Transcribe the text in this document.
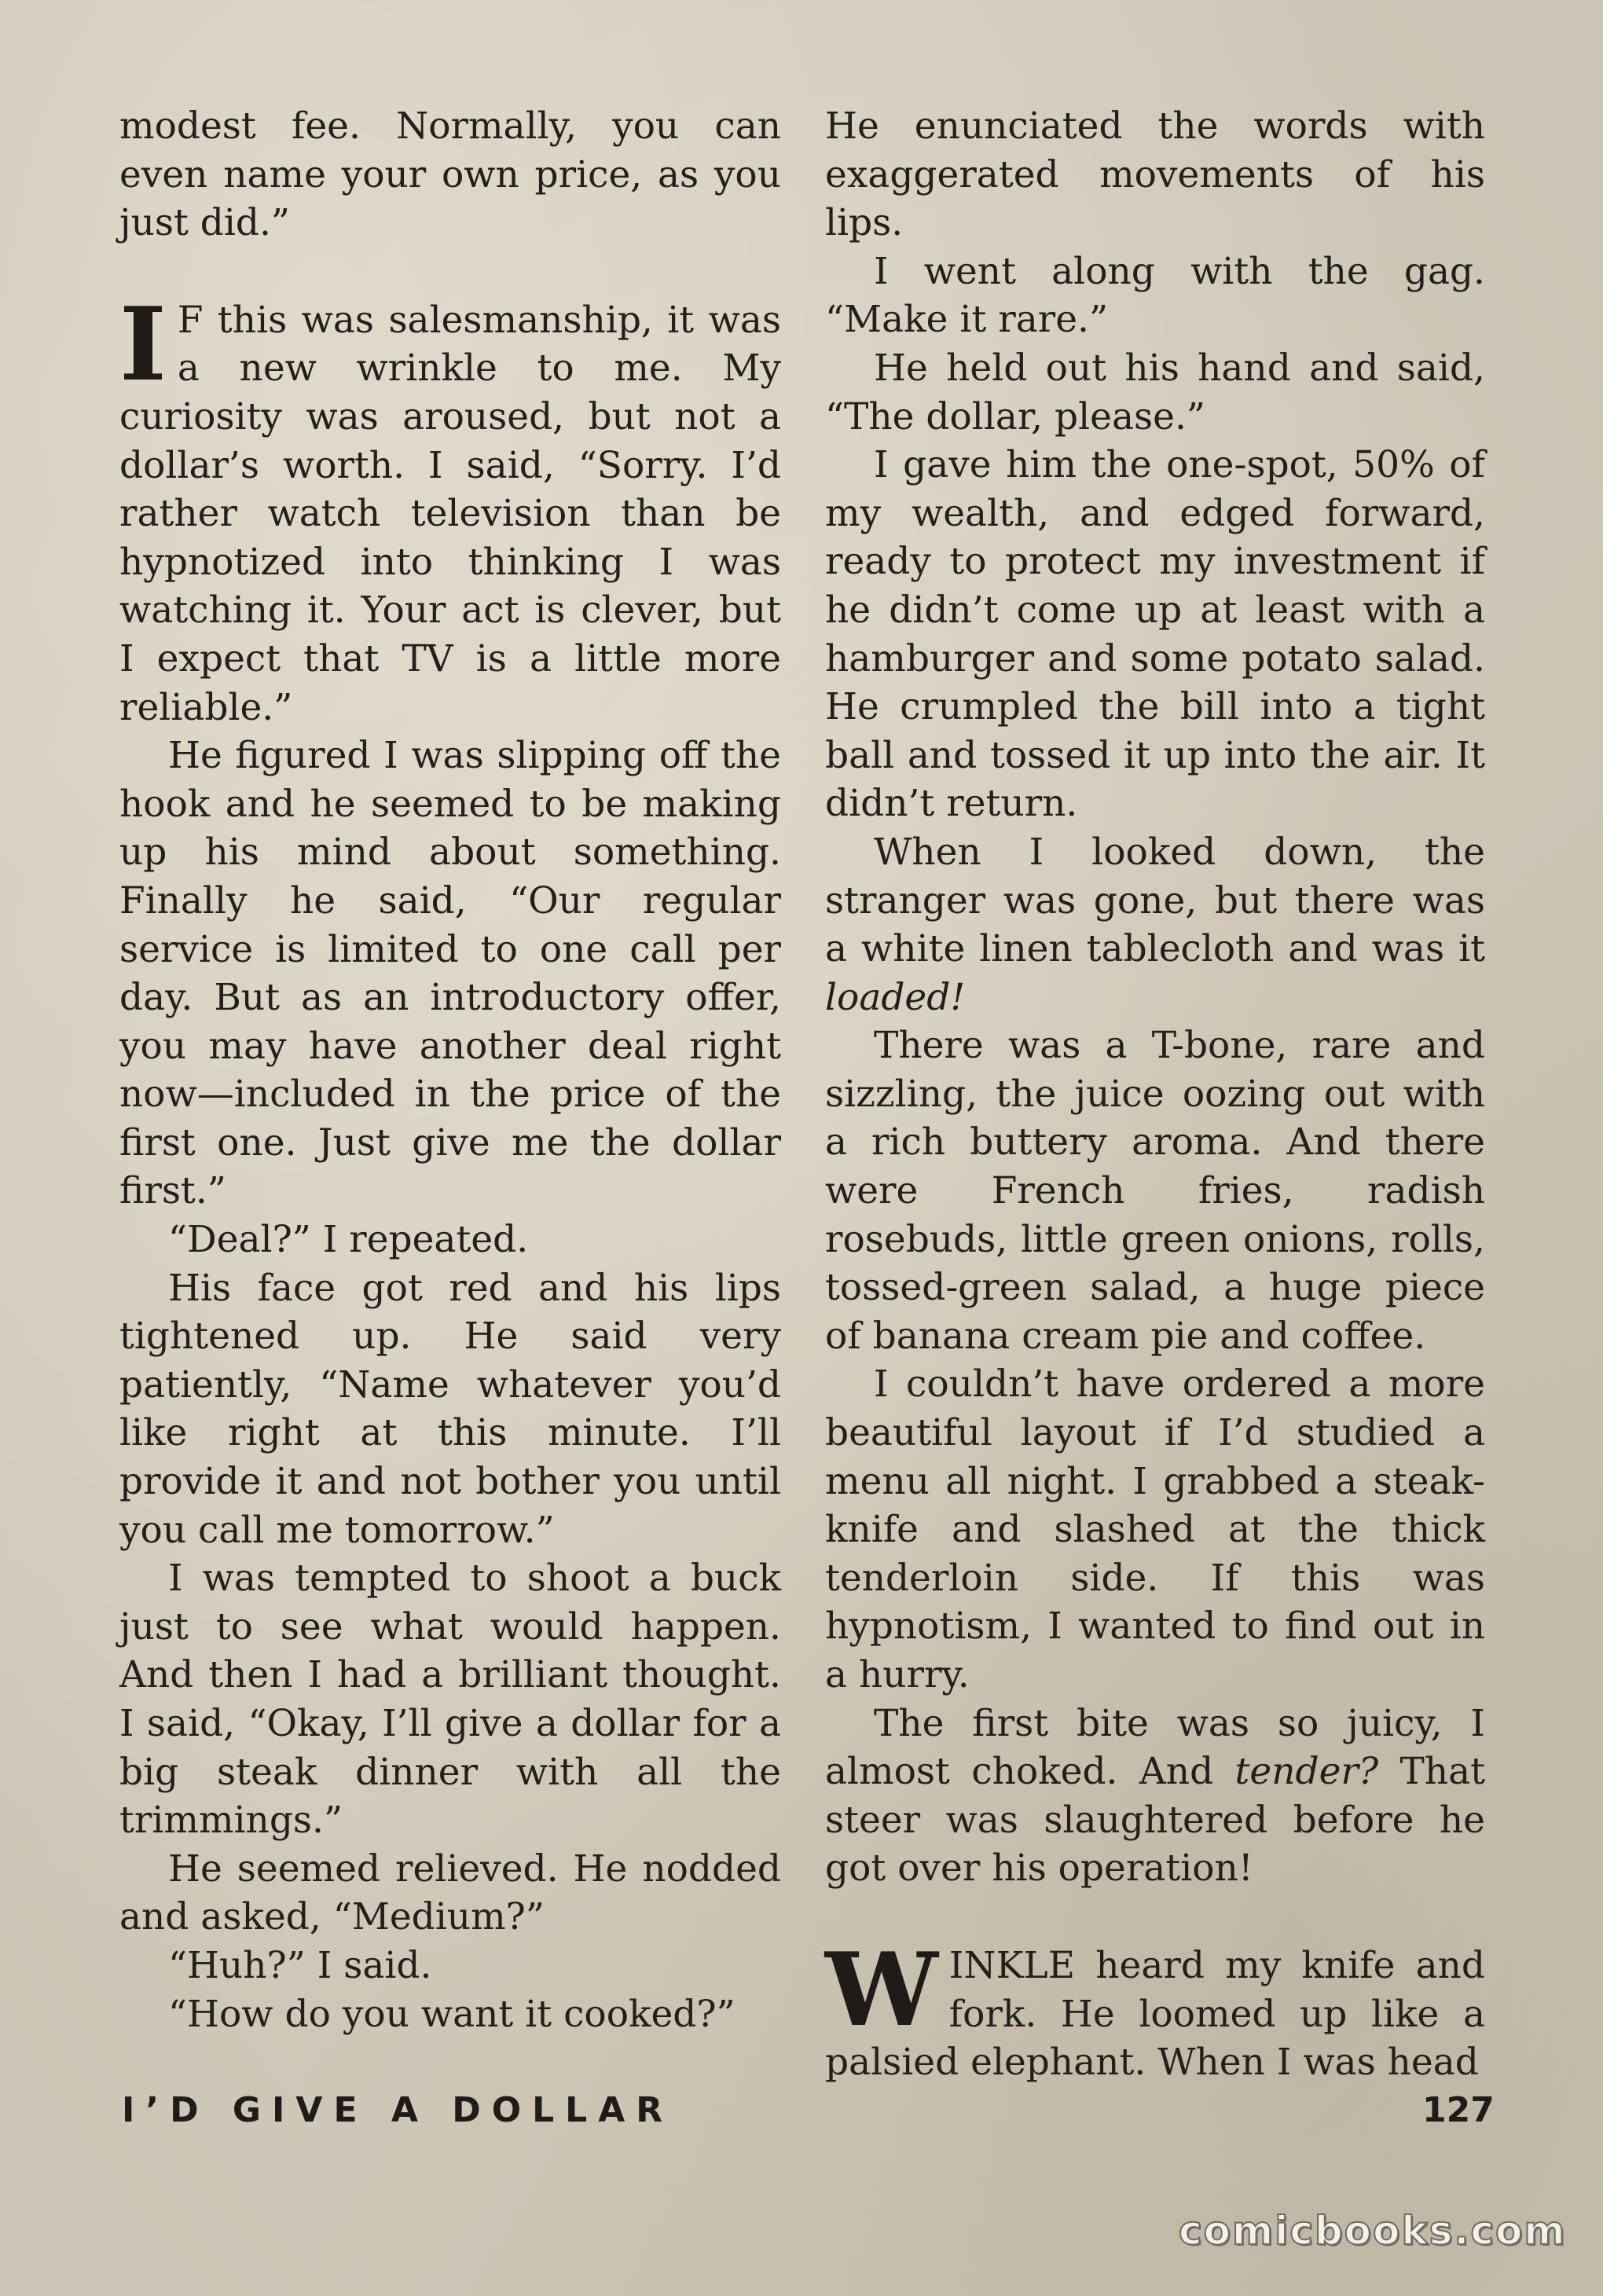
modest fee. Normally, you can even name your own price, as you just did.”

I F this was salesmanship, it was a new wrinkle to me. My curiosity was aroused, but not a dollar’s worth. I said, “Sorry. I’d rather watch television than be hypnotized into thinking I was watching it. Your act is clever, but I expect that TV is a little more reliable.”

He figured I was slipping off the hook and he seemed to be making up his mind about something. Finally he said, “Our regular service is limited to one call per day. But as an introductory offer, you may have another deal right now—included in the price of the first one. Just give me the dollar first.”

“Deal?” I repeated.

His face got red and his lips tightened up. He said very patiently, “Name whatever you’d like right at this minute. I’ll provide it and not bother you until you call me tomorrow.”

I was tempted to shoot a buck just to see what would happen. And then I had a brilliant thought. I said, “Okay, I’ll give a dollar for a big steak dinner with all the trimmings.”

He seemed relieved. He nodded and asked, “Medium?”

“Huh?” I said.

“How do you want it cooked?”

He enunciated the words with exaggerated movements of his lips.

I went along with the gag. “Make it rare.”

He held out his hand and said, “The dollar, please.”

I gave him the one-spot, 50% of my wealth, and edged forward, ready to protect my investment if he didn’t come up at least with a hamburger and some potato salad. He crumpled the bill into a tight ball and tossed it up into the air. It didn’t return.

When I looked down, the stranger was gone, but there was a white linen tablecloth and was it loaded!

There was a T-bone, rare and sizzling, the juice oozing out with a rich buttery aroma. And there were French fries, radish rosebuds, little green onions, rolls, tossed-green salad, a huge piece of banana cream pie and coffee.

I couldn’t have ordered a more beautiful layout if I’d studied a menu all night. I grabbed a steak-knife and slashed at the thick tenderloin side. If this was hypnotism, I wanted to find out in a hurry.

The first bite was so juicy, I almost choked. And tender? That steer was slaughtered before he got over his operation!

WINKLE heard my knife and fork. He loomed up like a palsied elephant. When I was head

I’D GIVE A DOLLAR	127
comicbooks.com
